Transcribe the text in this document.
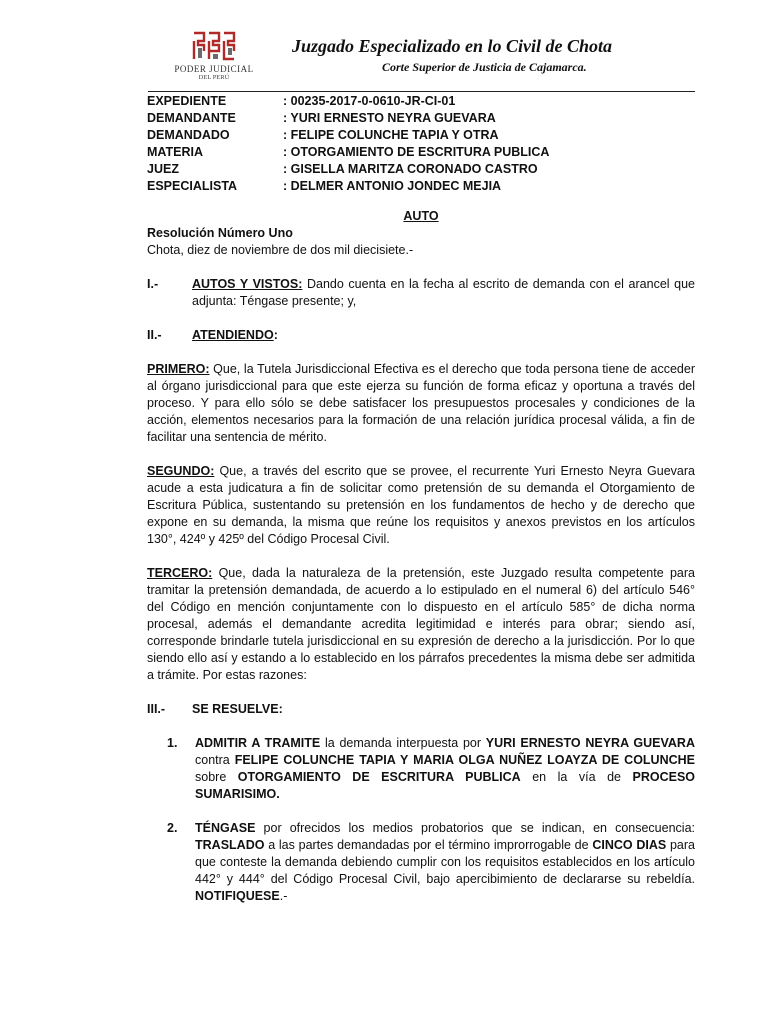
PODER JUDICIAL
DEL PERÚ
Juzgado Especializado en lo Civil de Chota
Corte Superior de Justicia de Cajamarca.
EXPEDIENTE	: 00235-2017-0-0610-JR-CI-01
DEMANDANTE	: YURI ERNESTO NEYRA GUEVARA
DEMANDADO	: FELIPE COLUNCHE TAPIA Y OTRA
MATERIA	: OTORGAMIENTO DE ESCRITURA PUBLICA
JUEZ	: GISELLA MARITZA CORONADO CASTRO
ESPECIALISTA	: DELMER ANTONIO JONDEC MEJIA
AUTO

Resolución Número Uno

Chota, diez de noviembre de dos mil diecisiete.-

I.-	AUTOS Y VISTOS: Dando cuenta en la fecha al escrito de demanda con el arancel que adjunta: Téngase presente; y,
II.-	ATENDIENDO:

PRIMERO: Que, la Tutela Jurisdiccional Efectiva es el derecho que toda persona tiene de acceder al órgano jurisdiccional para que este ejerza su función de forma eficaz y oportuna a través del proceso. Y para ello sólo se debe satisfacer los presupuestos procesales y condiciones de la acción, elementos necesarios para la formación de una relación jurídica procesal válida, a fin de facilitar una sentencia de mérito.

SEGUNDO: Que, a través del escrito que se provee, el recurrente Yuri Ernesto Neyra Guevara acude a esta judicatura a fin de solicitar como pretensión de su demanda el Otorgamiento de Escritura Pública, sustentando su pretensión en los fundamentos de hecho y de derecho que expone en su demanda, la misma que reúne los requisitos y anexos previstos en los artículos 130°, 424º y 425º del Código Procesal Civil.

TERCERO: Que, dada la naturaleza de la pretensión, este Juzgado resulta competente para tramitar la pretensión demandada, de acuerdo a lo estipulado en el numeral 6) del artículo 546° del Código en mención conjuntamente con lo dispuesto en el artículo 585° de dicha norma procesal, además el demandante acredita legitimidad e interés para obrar; siendo así, corresponde brindarle tutela jurisdiccional en su expresión de derecho a la jurisdicción. Por lo que siendo ello así y estando a lo establecido en los párrafos precedentes la misma debe ser admitida a trámite. Por estas razones:

III.-	SE RESUELVE:
1.	ADMITIR A TRAMITE la demanda interpuesta por YURI ERNESTO NEYRA GUEVARA contra FELIPE COLUNCHE TAPIA Y MARIA OLGA NUÑEZ LOAYZA DE COLUNCHE sobre OTORGAMIENTO DE ESCRITURA PUBLICA en la vía de PROCESO SUMARISIMO.
2.	TÉNGASE por ofrecidos los medios probatorios que se indican, en consecuencia: TRASLADO a las partes demandadas por el término improrrogable de CINCO DIAS para que conteste la demanda debiendo cumplir con los requisitos establecidos en los artículo 442° y 444° del Código Procesal Civil, bajo apercibimiento de declararse su rebeldía. NOTIFIQUESE.-
